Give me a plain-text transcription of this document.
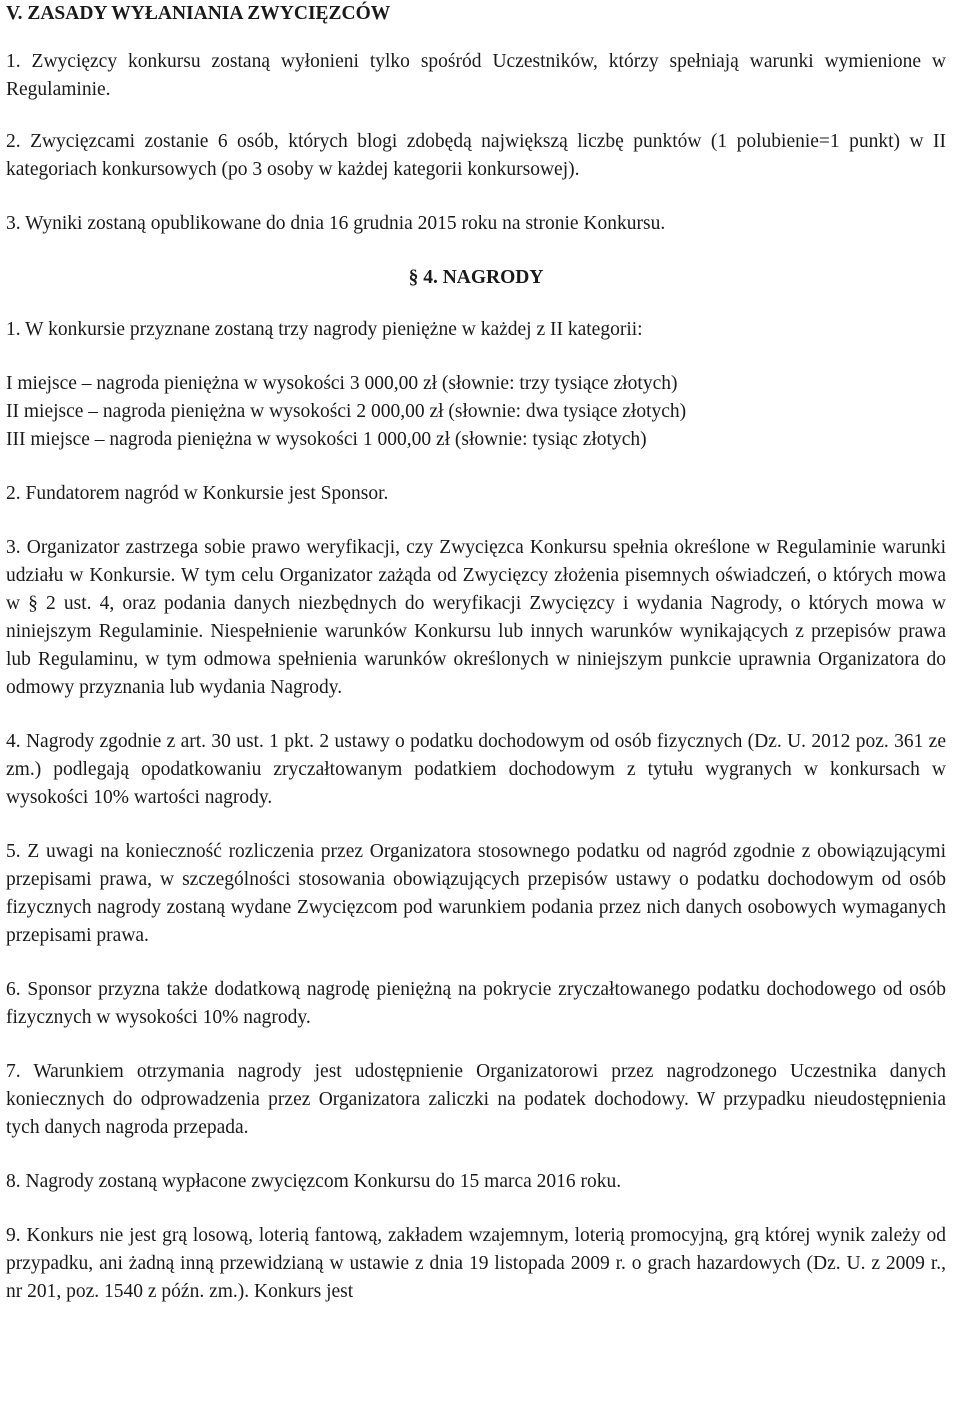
V. ZASADY WYŁANIANIA ZWYCIĘZCÓW

1. Zwycięzcy konkursu zostaną wyłonieni tylko spośród Uczestników, którzy spełniają warunki wymienione w Regulaminie.

2. Zwycięzcami zostanie 6 osób, których blogi zdobędą największą liczbę punktów (1 polubienie=1 punkt) w II kategoriach konkursowych (po 3 osoby w każdej kategorii konkursowej).

3. Wyniki zostaną opublikowane do dnia 16 grudnia 2015 roku na stronie Konkursu.

§ 4. NAGRODY

1. W konkursie przyznane zostaną trzy nagrody pieniężne w każdej z II kategorii:

I miejsce – nagroda pieniężna w wysokości 3 000,00 zł (słownie: trzy tysiące złotych)

II miejsce – nagroda pieniężna w wysokości 2 000,00 zł (słownie: dwa tysiące złotych)

III miejsce – nagroda pieniężna w wysokości 1 000,00 zł (słownie: tysiąc złotych)

2. Fundatorem nagród w Konkursie jest Sponsor.

3. Organizator zastrzega sobie prawo weryfikacji, czy Zwycięzca Konkursu spełnia określone w Regulaminie warunki udziału w Konkursie. W tym celu Organizator zażąda od Zwycięzcy złożenia pisemnych oświadczeń, o których mowa w § 2 ust. 4, oraz podania danych niezbędnych do weryfikacji Zwycięzcy i wydania Nagrody, o których mowa w niniejszym Regulaminie. Niespełnienie warunków Konkursu lub innych warunków wynikających z przepisów prawa lub Regulaminu, w tym odmowa spełnienia warunków określonych w niniejszym punkcie uprawnia Organizatora do odmowy przyznania lub wydania Nagrody.

4. Nagrody zgodnie z art. 30 ust. 1 pkt. 2 ustawy o podatku dochodowym od osób fizycznych (Dz. U. 2012 poz. 361 ze zm.) podlegają opodatkowaniu zryczałtowanym podatkiem dochodowym z tytułu wygranych w konkursach w wysokości 10% wartości nagrody.

5. Z uwagi na konieczność rozliczenia przez Organizatora stosownego podatku od nagród zgodnie z obowiązującymi przepisami prawa, w szczególności stosowania obowiązujących przepisów ustawy o podatku dochodowym od osób fizycznych nagrody zostaną wydane Zwycięzcom pod warunkiem podania przez nich danych osobowych wymaganych przepisami prawa.

6. Sponsor przyzna także dodatkową nagrodę pieniężną na pokrycie zryczałtowanego podatku dochodowego od osób fizycznych w wysokości 10% nagrody.

7. Warunkiem otrzymania nagrody jest udostępnienie Organizatorowi przez nagrodzonego Uczestnika danych koniecznych do odprowadzenia przez Organizatora zaliczki na podatek dochodowy. W przypadku nieudostępnienia tych danych nagroda przepada.

8. Nagrody zostaną wypłacone zwycięzcom Konkursu do 15 marca 2016 roku.

9. Konkurs nie jest grą losową, loterią fantową, zakładem wzajemnym, loterią promocyjną, grą której wynik zależy od przypadku, ani żadną inną przewidzianą w ustawie z dnia 19 listopada 2009 r. o grach hazardowych (Dz. U. z 2009 r., nr 201, poz. 1540 z późn. zm.). Konkurs jest
